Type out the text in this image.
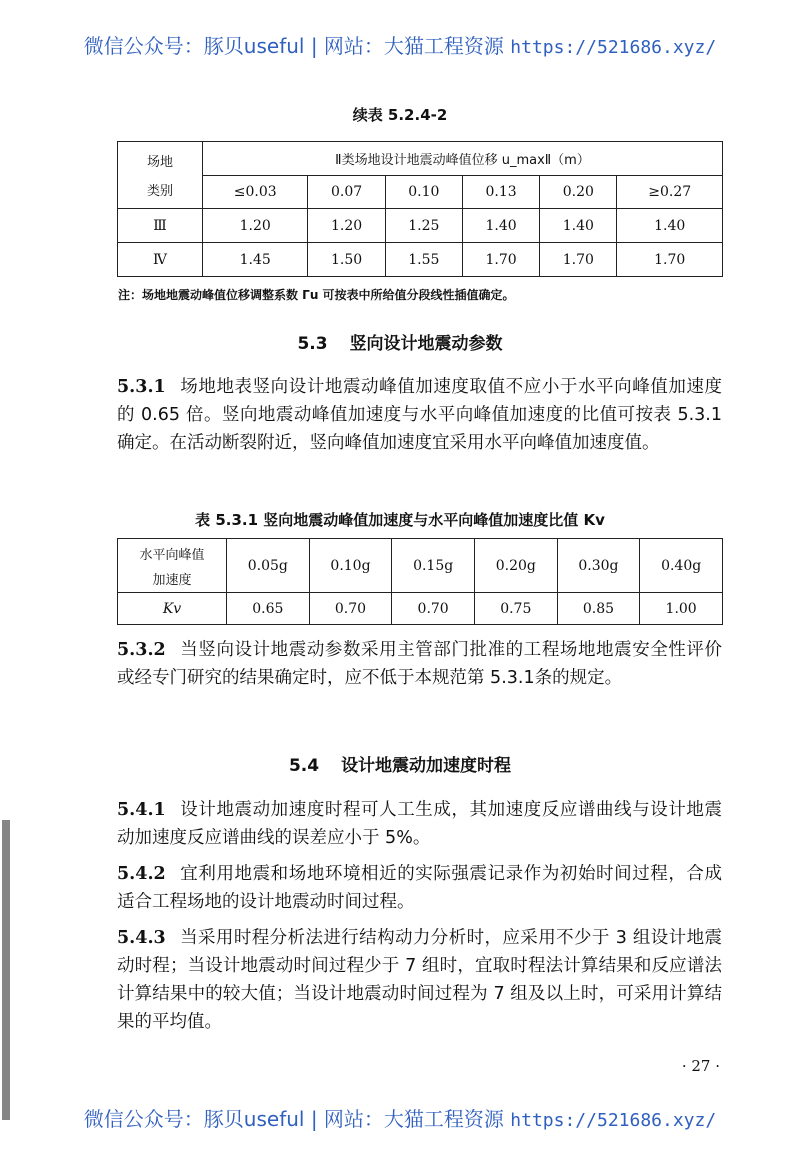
微信公众号：豚贝useful | 网站：大猫工程资源 https://521686.xyz/
续表 5.2.4-2
场地
类别	Ⅱ类场地设计地震动峰值位移 u_maxⅡ（m）					
	≤0.03	0.07	0.10	0.13	0.20	≥0.27
Ⅲ	1.20	1.20	1.25	1.40	1.40	1.40
Ⅳ	1.45	1.50	1.55	1.70	1.70	1.70
注：场地地震动峰值位移调整系数 Γu 可按表中所给值分段线性插值确定。
5.3 竖向设计地震动参数
5.3.1 场地地表竖向设计地震动峰值加速度取值不应小于水平向峰值加速度的 0.65 倍。竖向地震动峰值加速度与水平向峰值加速度的比值可按表 5.3.1 确定。在活动断裂附近，竖向峰值加速度宜采用水平向峰值加速度值。
表 5.3.1 竖向地震动峰值加速度与水平向峰值加速度比值 Kv
水平向峰值
加速度	0.05g	0.10g	0.15g	0.20g	0.30g	0.40g
Kv	0.65	0.70	0.70	0.75	0.85	1.00
5.3.2 当竖向设计地震动参数采用主管部门批准的工程场地地震安全性评价或经专门研究的结果确定时，应不低于本规范第 5.3.1条的规定。
5.4 设计地震动加速度时程
5.4.1 设计地震动加速度时程可人工生成，其加速度反应谱曲线与设计地震动加速度反应谱曲线的误差应小于 5%。
5.4.2 宜利用地震和场地环境相近的实际强震记录作为初始时间过程，合成适合工程场地的设计地震动时间过程。
5.4.3 当采用时程分析法进行结构动力分析时，应采用不少于 3 组设计地震动时程；当设计地震动时间过程少于 7 组时，宜取时程法计算结果和反应谱法计算结果中的较大值；当设计地震动时间过程为 7 组及以上时，可采用计算结果的平均值。
· 27 ·
微信公众号：豚贝useful | 网站：大猫工程资源 https://521686.xyz/
